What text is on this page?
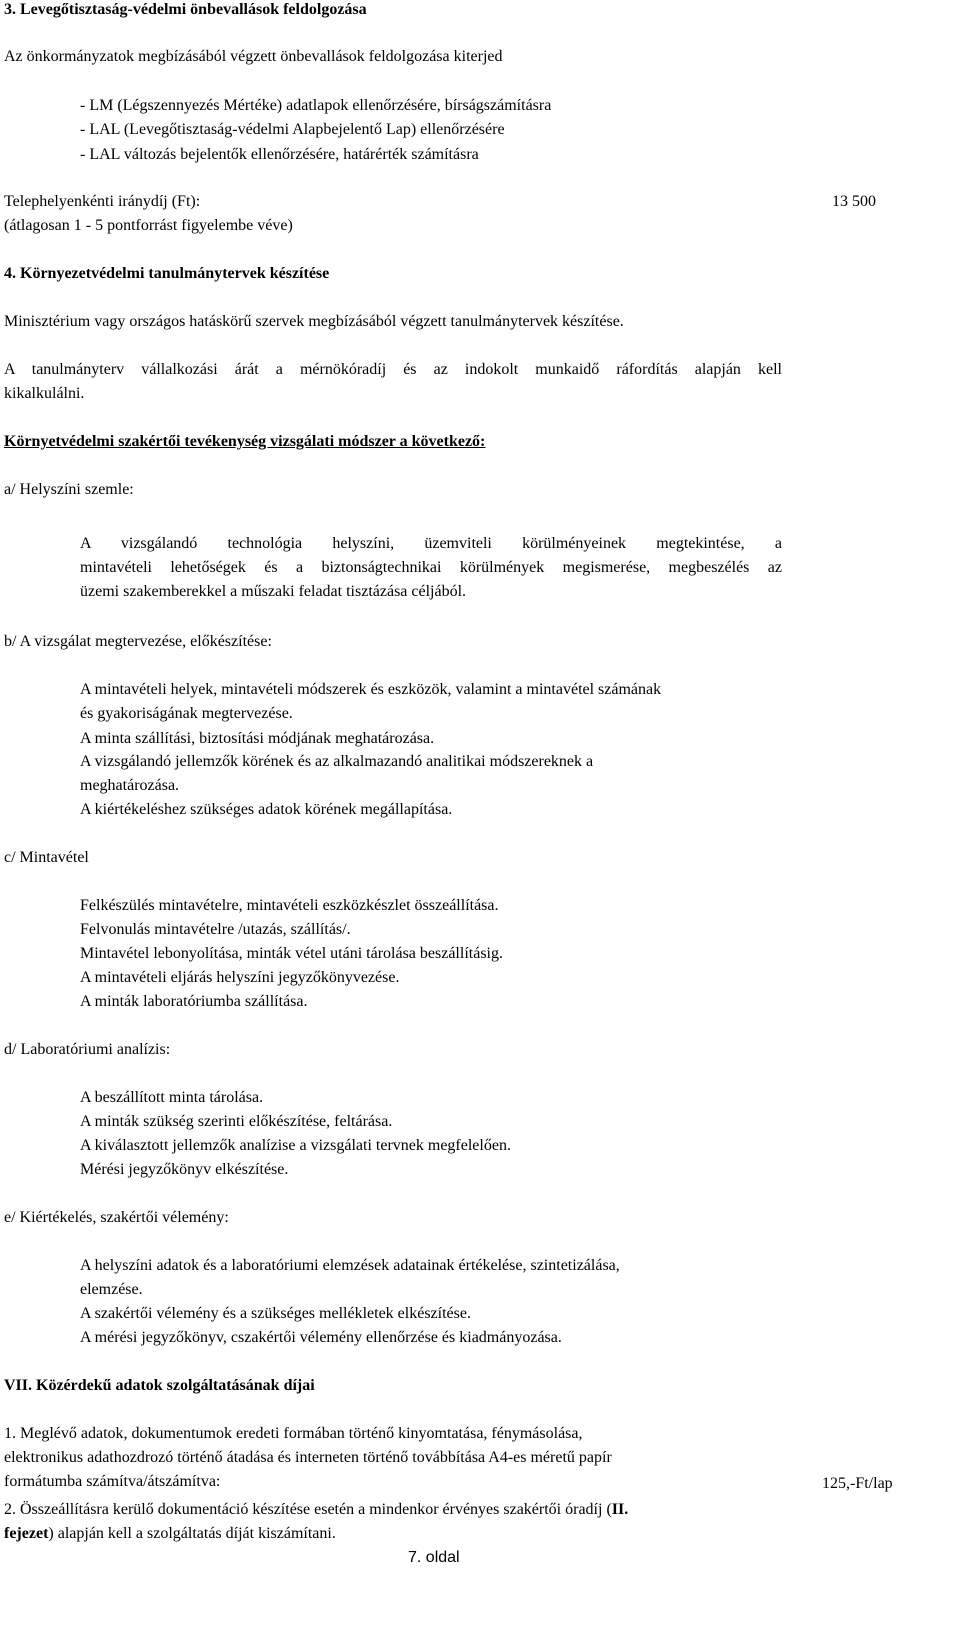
3. Levegőtisztaság-védelmi önbevallások feldolgozása
Az önkormányzatok megbízásából végzett önbevallások feldolgozása kiterjed
- LM (Légszennyezés Mértéke) adatlapok ellenőrzésére, bírságszámításra
- LAL (Levegőtisztaság-védelmi Alapbejelentő Lap) ellenőrzésére
- LAL változás bejelentők ellenőrzésére, határérték számításra
Telephelyenkénti iránydíj (Ft):
(átlagosan 1 - 5 pontforrást figyelembe véve)
13 500
4. Környezetvédelmi tanulmánytervek készítése
Minisztérium vagy országos hatáskörű szervek megbízásából végzett tanulmánytervek készítése.
A tanulmányterv vállalkozási árát a mérnökóradíj és az indokolt munkaidő ráfordítás alapján kell
kikalkulálni.
Környetvédelmi szakértői tevékenység vizsgálati módszer a következő:
a/ Helyszíni szemle:
A vizsgálandó technológia helyszíni, üzemviteli körülményeinek megtekintése, a
mintavételi lehetőségek és a biztonságtechnikai körülmények megismerése, megbeszélés az
üzemi szakemberekkel a műszaki feladat tisztázása céljából.
b/ A vizsgálat megtervezése, előkészítése:
A mintavételi helyek, mintavételi módszerek és eszközök, valamint a mintavétel számának
és gyakoriságának megtervezése.
A minta szállítási, biztosítási módjának meghatározása.
A vizsgálandó jellemzők körének és az alkalmazandó analitikai módszereknek a
meghatározása.
A kiértékeléshez szükséges adatok körének megállapítása.
c/ Mintavétel
Felkészülés mintavételre, mintavételi eszközkészlet összeállítása.
Felvonulás mintavételre /utazás, szállítás/.
Mintavétel lebonyolítása, minták vétel utáni tárolása beszállításig.
A mintavételi eljárás helyszíni jegyzőkönyvezése.
A minták laboratóriumba szállítása.
d/ Laboratóriumi analízis:
A beszállított minta tárolása.
A minták szükség szerinti előkészítése, feltárása.
A kiválasztott jellemzők analízise a vizsgálati tervnek megfelelően.
Mérési jegyzőkönyv elkészítése.
e/ Kiértékelés, szakértői vélemény:
A helyszíni adatok és a laboratóriumi elemzések adatainak értékelése, szintetizálása,
elemzése.
A szakértői vélemény és a szükséges mellékletek elkészítése.
A mérési jegyzőkönyv, cszakértői vélemény ellenőrzése és kiadmányozása.
VII. Közérdekű adatok szolgáltatásának díjai
1. Meglévő adatok, dokumentumok eredeti formában történő kinyomtatása, fénymásolása,
elektronikus adathozdrozó történő átadása és interneten történő továbbítása A4-es méretű papír
formátumba számítva/átszámítva:	125,-Ft/lap
2. Összeállításra kerülő dokumentáció készítése esetén a mindenkor érvényes szakértői óradíj (II.
fejezet) alapján kell a szolgáltatás díját kiszámítani.
7. oldal
